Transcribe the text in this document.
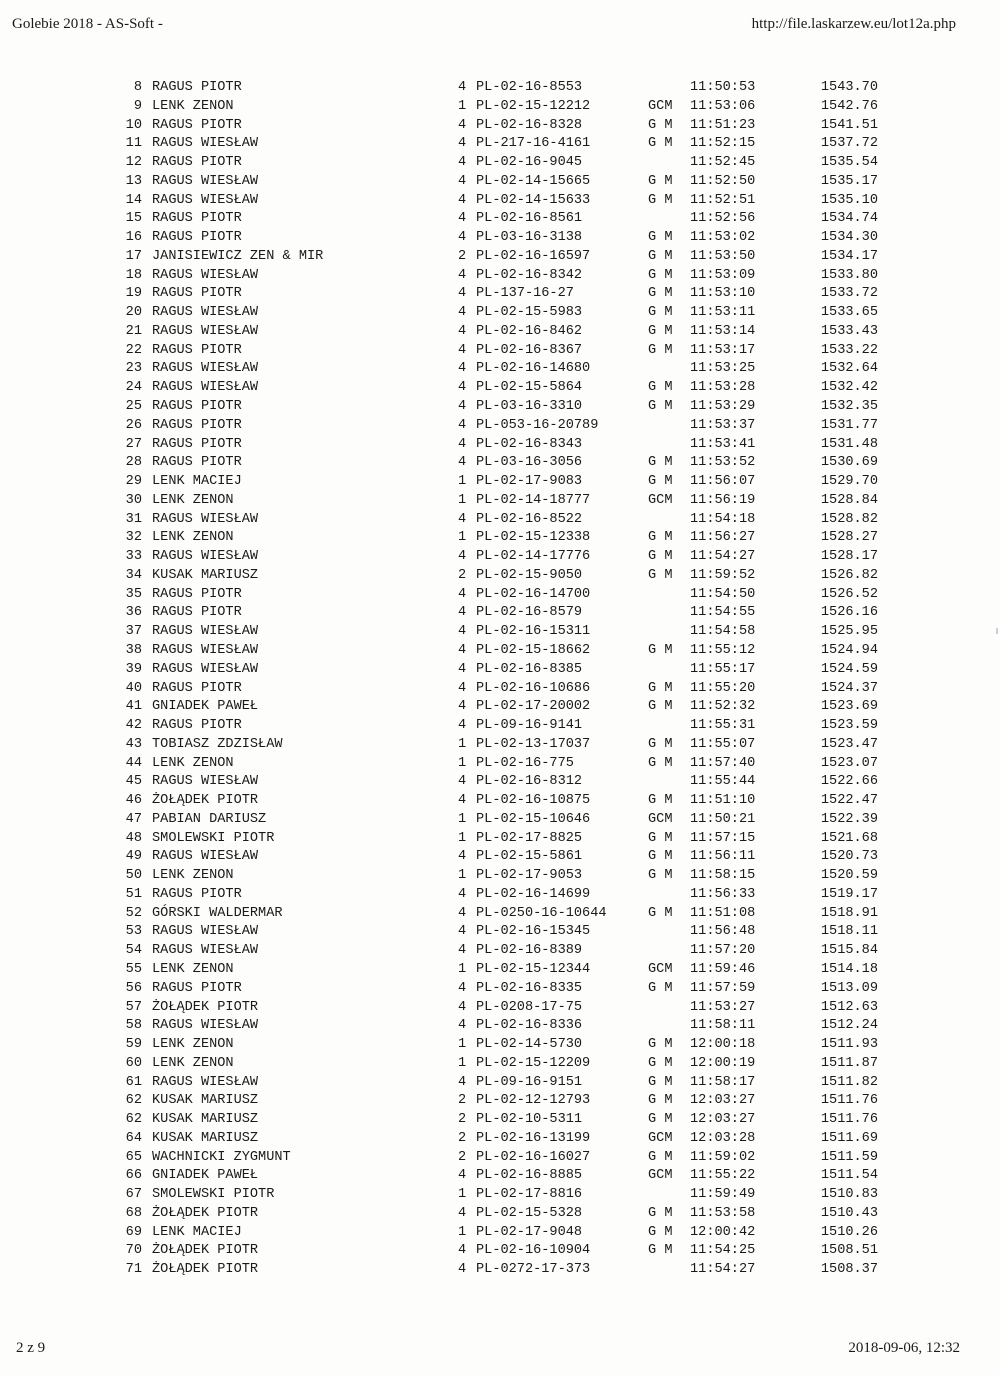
Golebie 2018 - AS-Soft -	http://file.laskarzew.eu/lot12a.php
8 RAGUS PIOTR	4 PL-02-16-8553	11:50:53	1543.70
9 LENK ZENON	1 PL-02-15-12212	GCM 11:53:06	1542.76
10 RAGUS PIOTR	4 PL-02-16-8328	G M 11:51:23	1541.51
11 RAGUS WIESŁAW	4 PL-217-16-4161	G M 11:52:15	1537.72
12 RAGUS PIOTR	4 PL-02-16-9045	11:52:45	1535.54
13 RAGUS WIESŁAW	4 PL-02-14-15665	G M 11:52:50	1535.17
14 RAGUS WIESŁAW	4 PL-02-14-15633	G M 11:52:51	1535.10
15 RAGUS PIOTR	4 PL-02-16-8561	11:52:56	1534.74
16 RAGUS PIOTR	4 PL-03-16-3138	G M 11:53:02	1534.30
17 JANISIEWICZ ZEN & MIR	2 PL-02-16-16597	G M 11:53:50	1534.17
18 RAGUS WIESŁAW	4 PL-02-16-8342	G M 11:53:09	1533.80
19 RAGUS PIOTR	4 PL-137-16-27	G M 11:53:10	1533.72
20 RAGUS WIESŁAW	4 PL-02-15-5983	G M 11:53:11	1533.65
21 RAGUS WIESŁAW	4 PL-02-16-8462	G M 11:53:14	1533.43
22 RAGUS PIOTR	4 PL-02-16-8367	G M 11:53:17	1533.22
23 RAGUS WIESŁAW	4 PL-02-16-14680	11:53:25	1532.64
24 RAGUS WIESŁAW	4 PL-02-15-5864	G M 11:53:28	1532.42
25 RAGUS PIOTR	4 PL-03-16-3310	G M 11:53:29	1532.35
26 RAGUS PIOTR	4 PL-053-16-20789	11:53:37	1531.77
27 RAGUS PIOTR	4 PL-02-16-8343	11:53:41	1531.48
28 RAGUS PIOTR	4 PL-03-16-3056	G M 11:53:52	1530.69
29 LENK MACIEJ	1 PL-02-17-9083	G M 11:56:07	1529.70
30 LENK ZENON	1 PL-02-14-18777	GCM 11:56:19	1528.84
31 RAGUS WIESŁAW	4 PL-02-16-8522	11:54:18	1528.82
32 LENK ZENON	1 PL-02-15-12338	G M 11:56:27	1528.27
33 RAGUS WIESŁAW	4 PL-02-14-17776	G M 11:54:27	1528.17
34 KUSAK MARIUSZ	2 PL-02-15-9050	G M 11:59:52	1526.82
35 RAGUS PIOTR	4 PL-02-16-14700	11:54:50	1526.52
36 RAGUS PIOTR	4 PL-02-16-8579	11:54:55	1526.16
37 RAGUS WIESŁAW	4 PL-02-16-15311	11:54:58	1525.95
38 RAGUS WIESŁAW	4 PL-02-15-18662	G M 11:55:12	1524.94
39 RAGUS WIESŁAW	4 PL-02-16-8385	11:55:17	1524.59
40 RAGUS PIOTR	4 PL-02-16-10686	G M 11:55:20	1524.37
41 GNIADEK PAWEŁ	4 PL-02-17-20002	G M 11:52:32	1523.69
42 RAGUS PIOTR	4 PL-09-16-9141	11:55:31	1523.59
43 TOBIASZ ZDZISŁAW	1 PL-02-13-17037	G M 11:55:07	1523.47
44 LENK ZENON	1 PL-02-16-775	G M 11:57:40	1523.07
45 RAGUS WIESŁAW	4 PL-02-16-8312	11:55:44	1522.66
46 ŻOŁĄDEK PIOTR	4 PL-02-16-10875	G M 11:51:10	1522.47
47 PABIAN DARIUSZ	1 PL-02-15-10646	GCM 11:50:21	1522.39
48 SMOLEWSKI PIOTR	1 PL-02-17-8825	G M 11:57:15	1521.68
49 RAGUS WIESŁAW	4 PL-02-15-5861	G M 11:56:11	1520.73
50 LENK ZENON	1 PL-02-17-9053	G M 11:58:15	1520.59
51 RAGUS PIOTR	4 PL-02-16-14699	11:56:33	1519.17
52 GÓRSKI WALDERMAR	4 PL-0250-16-10644	G M 11:51:08	1518.91
53 RAGUS WIESŁAW	4 PL-02-16-15345	11:56:48	1518.11
54 RAGUS WIESŁAW	4 PL-02-16-8389	11:57:20	1515.84
55 LENK ZENON	1 PL-02-15-12344	GCM 11:59:46	1514.18
56 RAGUS PIOTR	4 PL-02-16-8335	G M 11:57:59	1513.09
57 ŻOŁĄDEK PIOTR	4 PL-0208-17-75	11:53:27	1512.63
58 RAGUS WIESŁAW	4 PL-02-16-8336	11:58:11	1512.24
59 LENK ZENON	1 PL-02-14-5730	G M 12:00:18	1511.93
60 LENK ZENON	1 PL-02-15-12209	G M 12:00:19	1511.87
61 RAGUS WIESŁAW	4 PL-09-16-9151	G M 11:58:17	1511.82
62 KUSAK MARIUSZ	2 PL-02-12-12793	G M 12:03:27	1511.76
62 KUSAK MARIUSZ	2 PL-02-10-5311	G M 12:03:27	1511.76
64 KUSAK MARIUSZ	2 PL-02-16-13199	GCM 12:03:28	1511.69
65 WACHNICKI ZYGMUNT	2 PL-02-16-16027	G M 11:59:02	1511.59
66 GNIADEK PAWEŁ	4 PL-02-16-8885	GCM 11:55:22	1511.54
67 SMOLEWSKI PIOTR	1 PL-02-17-8816	11:59:49	1510.83
68 ŻOŁĄDEK PIOTR	4 PL-02-15-5328	G M 11:53:58	1510.43
69 LENK MACIEJ	1 PL-02-17-9048	G M 12:00:42	1510.26
70 ŻOŁĄDEK PIOTR	4 PL-02-16-10904	G M 11:54:25	1508.51
71 ŻOŁĄDEK PIOTR	4 PL-0272-17-373	11:54:27	1508.37
2 z 9	2018-09-06, 12:32
